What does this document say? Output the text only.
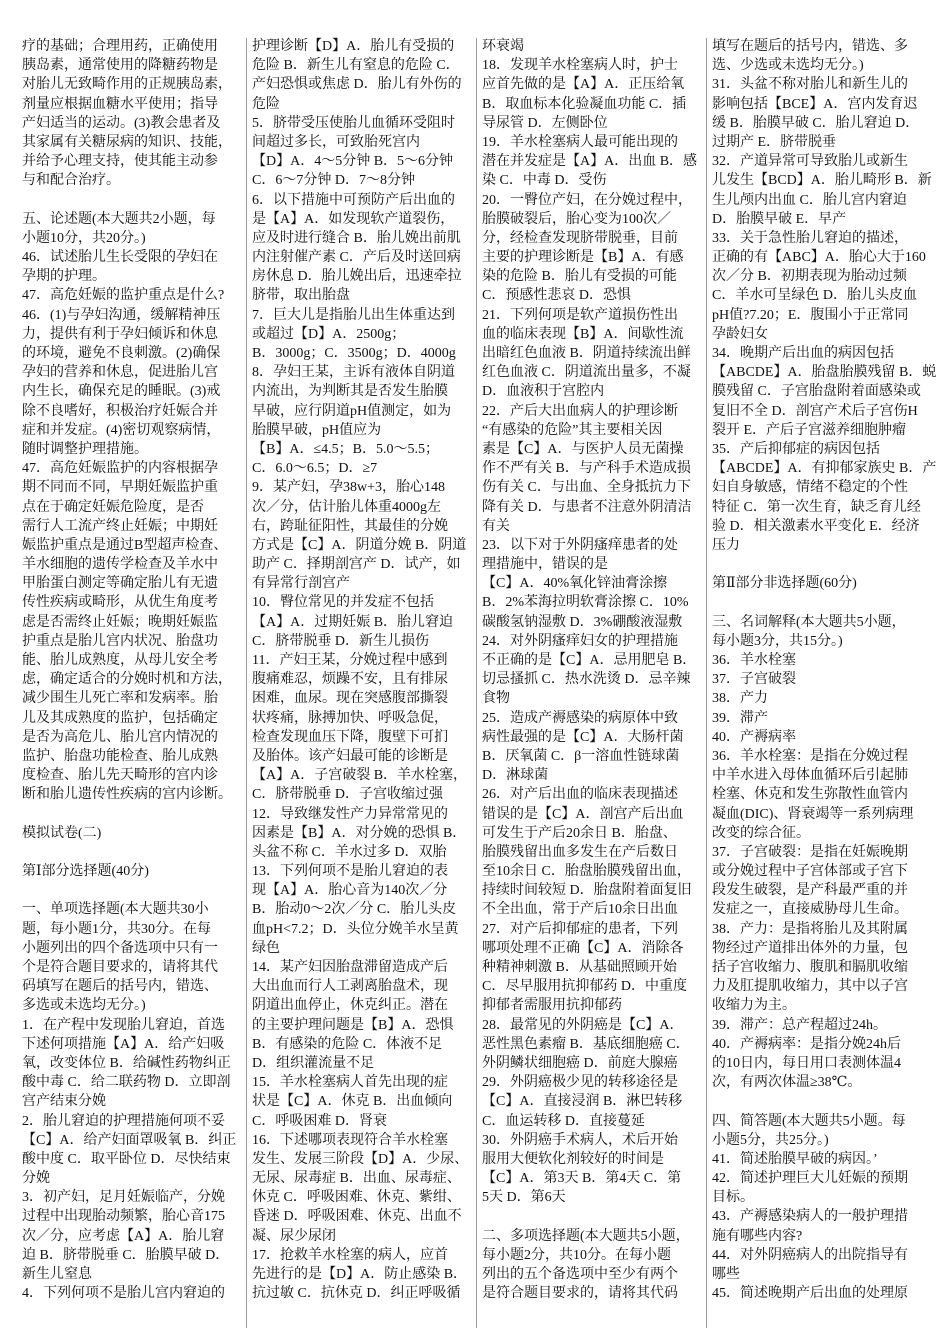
疗的基础；合理用药，正确使用
胰岛素，通常使用的降糖药物是
对胎儿无致畸作用的正规胰岛素，
剂量应根据血糖水平使用；指导
产妇适当的运动。(3)教会患者及
其家属有关糖尿病的知识、技能，
并给予心理支持，使其能主动参
与和配合治疗。
五、论述题(本大题共2小题，每
小题10分，共20分。)
46．试述胎儿生长受限的孕妇在
孕期的护理。
47．高危妊娠的监护重点是什么?
46．(1)与孕妇沟通，缓解精神压
力，提供有利于孕妇倾诉和休息
的环境，避免不良刺激。(2)确保
孕妇的营养和休息，促进胎儿宫
内生长，确保充足的睡眠。(3)戒
除不良嗜好，积极治疗妊娠合并
症和并发症。(4)密切观察病情，
随时调整护理措施。
47．高危妊娠监护的内容根据孕
期不同而不同，早期妊娠监护重
点在于确定妊娠危险度，是否
需行人工流产终止妊娠；中期妊
娠监护重点是通过B型超声检查、
羊水细胞的遗传学检查及羊水中
甲胎蛋白测定等确定胎儿有无遗
传性疾病或畸形，从优生角度考
虑是否需终止妊娠；晚期妊娠监
护重点是胎儿宫内状况、胎盘功
能、胎儿成熟度，从母儿安全考
虑，确定适合的分娩时机和方法，
减少围生儿死亡率和发病率。胎
儿及其成熟度的监护，包括确定
是否为高危儿、胎儿宫内情况的
监护、胎盘功能检查、胎儿成熟
度检查、胎儿先天畸形的宫内诊
断和胎儿遗传性疾病的宫内诊断。
模拟试卷(二)
第Ⅰ部分选择题(40分)
一、单项选择题(本大题共30小
题，每小题1分，共30分。在每
小题列出的四个备选项中只有一
个是符合题目要求的，请将其代
码填写在题后的括号内，错选、
多选或未选均无分。)
1．在产程中发现胎儿窘迫，首选
下述何项措施【A】A．给产妇吸
氧，改变体位 B．给碱性药物纠正
酸中毒 C．给二联药物 D．立即剖
宫产结束分娩
2．胎儿窘迫的护理措施何项不妥
【C】A．给产妇面罩吸氧 B．纠正
酸中度 C．取平卧位 D．尽快结束
分娩
3．初产妇，足月妊娠临产，分娩
过程中出现胎动频繁，胎心音175
次／分，应考虑【A】A．胎儿窘
迫 B．脐带脱垂 C．胎膜早破 D．
新生儿窒息
4．下列何项不是胎儿宫内窘迫的
护理诊断【D】A．胎儿有受损的
危险 B．新生儿有窒息的危险 C．
产妇恐惧或焦虑 D．胎儿有外伤的
危险
5．脐带受压使胎儿血循环受阻时
间超过多长，可致胎死宫内
【D】A．4～5分钟 B．5～6分钟
C．6～7分钟 D．7～8分钟
6．以下措施中可预防产后出血的
是【A】A．如发现软产道裂伤，
应及时进行缝合 B．胎儿娩出前肌
内注射催产素 C．产后及时送回病
房休息 D．胎儿娩出后，迅速牵拉
脐带，取出胎盘
7．巨大儿是指胎儿出生体重达到
或超过【D】A．2500g；
B．3000g；C．3500g；D．4000g
8．孕妇王某，主诉有液体自阴道
内流出，为判断其是否发生胎膜
早破，应行阴道pH值测定，如为
胎膜早破，pH值应为
【B】A．≤4.5；B．5.0～5.5；
C．6.0～6.5；D．≥7
9．某产妇，孕38w+3，胎心148
次／分，估计胎儿体重4000g左
右，跨耻征阳性，其最佳的分娩
方式是【C】A．阴道分娩 B．阴道
助产 C．择期剖宫产 D．试产，如
有异常行剖宫产
10．臀位常见的并发症不包括
【A】A．过期妊娠 B．胎儿窘迫
C．脐带脱垂 D．新生儿损伤
11．产妇王某，分娩过程中感到
腹痛难忍，烦躁不安，且有排尿
困难，血尿。现在突感腹部撕裂
状疼痛，脉搏加快、呼吸急促，
检查发现血压下降，腹壁下可扪
及胎体。该产妇最可能的诊断是
【A】A．子宫破裂 B．羊水栓塞，
C．脐带脱垂 D．子宫收缩过强
12．导致继发性产力异常常见的
因素是【B】A．对分娩的恐惧 B．
头盆不称 C．羊水过多 D．双胎
13．下列何项不是胎儿窘迫的表
现【A】A．胎心音为140次／分
B．胎动0～2次／分 C．胎儿头皮
血pH<7.2；D．头位分娩羊水呈黄
绿色
14．某产妇因胎盘滞留造成产后
大出血而行人工剥离胎盘术，现
阴道出血停止，休克纠正。潜在
的主要护理问题是【B】A．恐惧
B．有感染的危险 C．体液不足
D．组织灌流量不足
15．羊水栓塞病人首先出现的症
状是【C】A．休克 B．出血倾向
C．呼吸困难 D．肾衰
16．下述哪项表现符合羊水栓塞
发生、发展三阶段【D】A．少尿、
无尿、尿毒症 B．出血、尿毒症、
休克 C．呼吸困难、休克、紫绀、
昏迷 D．呼吸困难、休克、出血不
凝、尿少尿闭
17．抢救羊水栓塞的病人，应首
先进行的是【D】A．防止感染 B．
抗过敏 C．抗休克 D．纠正呼吸循
环衰竭
18．发现羊水栓塞病人时，护士
应首先做的是【A】A．正压给氧
B．取血标本化验凝血功能 C．插
导尿管 D．左侧卧位
19．羊水栓塞病人最可能出现的
潜在并发症是【A】A．出血 B．感
染 C．中毒 D．受伤
20．一臀位产妇，在分娩过程中，
胎膜破裂后，胎心变为100次／
分，经检查发现脐带脱垂，目前
主要的护理诊断是【B】A．有感
染的危险 B．胎儿有受损的可能
C．预感性悲哀 D．恐惧
21．下列何项是软产道损伤性出
血的临床表现【B】A．间歇性流
出暗红色血液 B．阴道持续流出鲜
红色血液 C．阴道流出量多，不凝
D．血液积于宫腔内
22．产后大出血病人的护理诊断
“有感染的危险”其主要相关因
素是【C】A．与医护人员无菌操
作不严有关 B．与产科手术造成损
伤有关 C．与出血、全身抵抗力下
降有关 D．与患者不注意外阴清洁
有关
23．以下对于外阴瘙痒患者的处
理措施中，错误的是
【C】A．40%氧化锌油膏涂擦
B．2%苯海拉明软膏涂擦 C．10%
碳酸氢钠湿敷 D．3%硼酸液湿敷
24．对外阴瘙痒妇女的护理措施
不正确的是【C】A．忌用肥皂 B．
切忌搔抓 C．热水洗烫 D．忌辛辣
食物
25．造成产褥感染的病原体中致
病性最强的是【C】A．大肠杆菌
B．厌氧菌 C．β一溶血性链球菌
D．淋球菌
26．对产后出血的临床表现描述
错误的是【C】A．剖宫产后出血
可发生于产后20余日 B．胎盘、
胎膜残留出血多发生在产后数日
至10余日 C．胎盘胎膜残留出血，
持续时间较短 D．胎盘附着面复旧
不全出血，常于产后10余日出血
27．对产后抑郁症的患者，下列
哪项处理不正确【C】A．消除各
种精神刺激 B．从基础照顾开始
C．尽早服用抗抑郁药 D．中重度
抑郁者需服用抗抑郁药
28．最常见的外阴癌是【C】A．
恶性黑色素瘤 B．基底细胞癌 C．
外阴鳞状细胞癌 D．前庭大腺癌
29．外阴癌极少见的转移途径是
【C】A．直接浸润 B．淋巴转移
C．血运转移 D．直接蔓延
30．外阴癌手术病人，术后开始
服用大便软化剂较好的时间是
【C】A．第3天 B．第4天 C．第
5天 D．第6天
二、多项选择题(本大题共5小题，
每小题2分，共10分。在每小题
列出的五个备选项中至少有两个
是符合题目要求的，请将其代码
填写在题后的括号内，错选、多
选、少选或未选均无分。)
31．头盆不称对胎儿和新生儿的
影响包括【BCE】A．宫内发育迟
缓 B．胎膜早破 C．胎儿窘迫 D．
过期产 E．脐带脱垂
32．产道异常可导致胎儿或新生
儿发生【BCD】A．胎儿畸形 B．新
生儿颅内出血 C．胎儿宫内窘迫
D．胎膜早破 E．早产
33．关于急性胎儿窘迫的描述，
正确的有【ABC】A．胎心大于160
次／分 B．初期表现为胎动过频
C．羊水可呈绿色 D．胎儿头皮血
pH值?7.20；E．腹围小于正常同
孕龄妇女
34．晚期产后出血的病因包括
【ABCDE】A．胎盘胎膜残留 B．蜕
膜残留 C．子宫胎盘附着面感染或
复旧不全 D．剖宫产术后子宫伤H
裂开 E．产后子宫滋养细胞肿瘤
35．产后抑郁症的病因包括
【ABCDE】A．有抑郁家族史 B．产
妇自身敏感，情绪不稳定的个性
特征 C．第一次生育，缺乏育儿经
验 D．相关激素水平变化 E．经济
压力
第Ⅱ部分非选择题(60分)
三、名词解释(本大题共5小题，
每小题3分，共15分。)
36．羊水栓塞
37．子宫破裂
38．产力
39．滞产
40．产褥病率
36．羊水栓塞：是指在分娩过程
中羊水进入母体血循环后引起肺
栓塞、休克和发生弥散性血管内
凝血(DIC)、肾衰竭等一系列病理
改变的综合征。
37．子宫破裂：是指在妊娠晚期
或分娩过程中子宫体部或子宫下
段发生破裂，是产科最严重的并
发症之一，直接威胁母儿生命。
38．产力：是指将胎儿及其附属
物经过产道排出体外的力量，包
括子宫收缩力、腹肌和膈肌收缩
力及肛提肌收缩力，其中以子宫
收缩力为主。
39．滞产：总产程超过24h。
40．产褥病率：是指分娩24h后
的10日内，每日用口表测体温4
次，有两次体温≥38℃。
四、简答题(本大题共5小题。每
小题5分，共25分。)
41．简述胎膜早破的病因。’
42．简述护理巨大儿妊娠的预期
目标。
43．产褥感染病人的一般护理措
施有哪些内容?
44．对外阴癌病人的出院指导有
哪些
45．简述晚期产后出血的处理原
